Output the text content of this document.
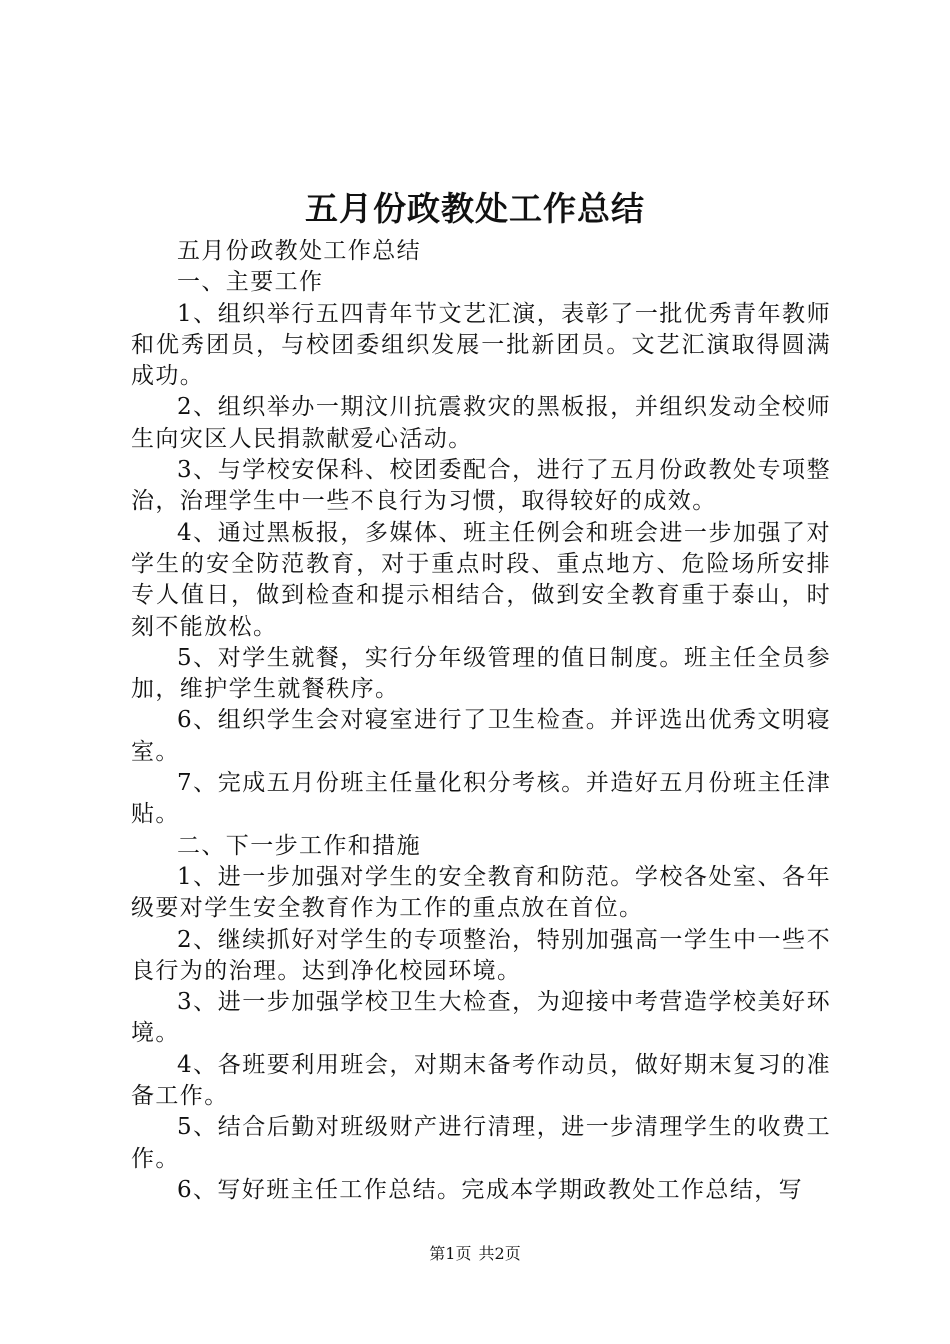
五月份政教处工作总结

五月份政教处工作总结

一、主要工作

1、组织举行五四青年节文艺汇演，表彰了一批优秀青年教师和优秀团员，与校团委组织发展一批新团员。文艺汇演取得圆满成功。

2、组织举办一期汶川抗震救灾的黑板报，并组织发动全校师生向灾区人民捐款献爱心活动。

3、与学校安保科、校团委配合，进行了五月份政教处专项整治，治理学生中一些不良行为习惯，取得较好的成效。

4、通过黑板报，多媒体、班主任例会和班会进一步加强了对学生的安全防范教育，对于重点时段、重点地方、危险场所安排专人值日，做到检查和提示相结合，做到安全教育重于泰山，时刻不能放松。

5、对学生就餐，实行分年级管理的值日制度。班主任全员参加，维护学生就餐秩序。

6、组织学生会对寝室进行了卫生检查。并评选出优秀文明寝室。

7、完成五月份班主任量化积分考核。并造好五月份班主任津贴。

二、下一步工作和措施

1、进一步加强对学生的安全教育和防范。学校各处室、各年级要对学生安全教育作为工作的重点放在首位。

2、继续抓好对学生的专项整治，特别加强高一学生中一些不良行为的治理。达到净化校园环境。

3、进一步加强学校卫生大检查，为迎接中考营造学校美好环境。

4、各班要利用班会，对期末备考作动员，做好期末复习的准备工作。

5、结合后勤对班级财产进行清理，进一步清理学生的收费工作。

6、写好班主任工作总结。完成本学期政教处工作总结，写

第1页 共2页
